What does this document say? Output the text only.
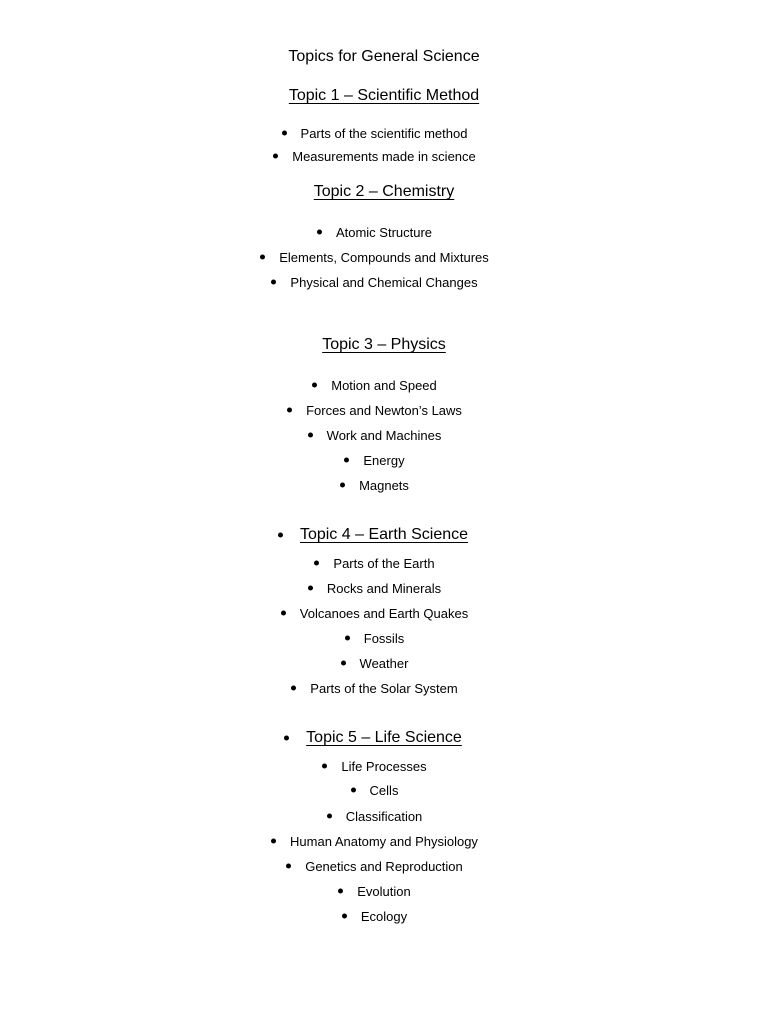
Topics for General Science
Topic 1 – Scientific Method
Parts of the scientific method
Measurements made in science
Topic 2 – Chemistry
Atomic Structure
Elements, Compounds and Mixtures
Physical and Chemical Changes
Topic 3 – Physics
Motion and Speed
Forces and Newton’s Laws
Work and Machines
Energy
Magnets
Topic 4 – Earth Science
Parts of the Earth
Rocks and Minerals
Volcanoes and Earth Quakes
Fossils
Weather
Parts of the Solar System
Topic 5 – Life Science
Life Processes
Cells
Classification
Human Anatomy and Physiology
Genetics and Reproduction
Evolution
Ecology
